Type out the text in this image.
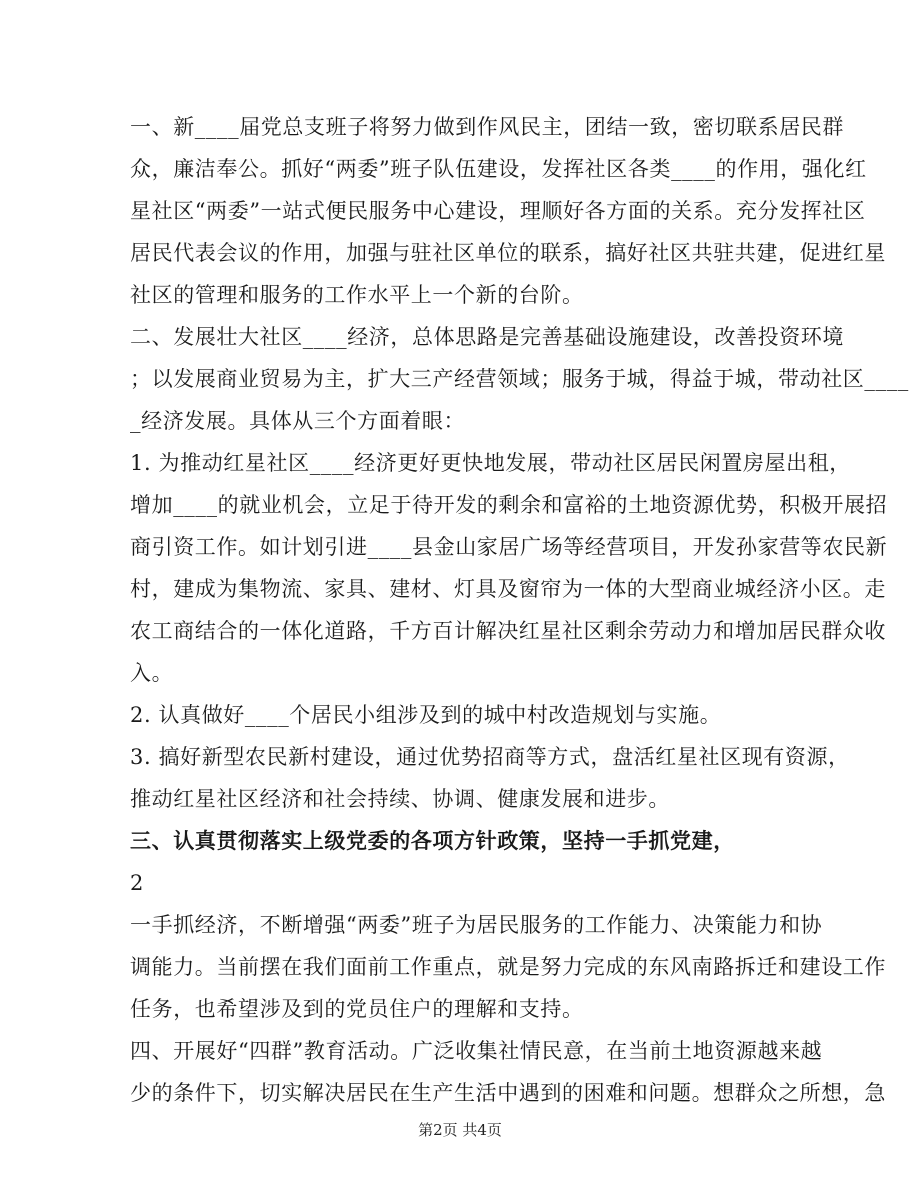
一、新____届党总支班子将努力做到作风民主，团结一致，密切联系居民群
众，廉洁奉公。抓好“两委”班子队伍建设，发挥社区各类____的作用，强化红
星社区“两委”一站式便民服务中心建设，理顺好各方面的关系。充分发挥社区
居民代表会议的作用，加强与驻社区单位的联系，搞好社区共驻共建，促进红星
社区的管理和服务的工作水平上一个新的台阶。
二、发展壮大社区____经济，总体思路是完善基础设施建设，改善投资环境
；以发展商业贸易为主，扩大三产经营领域；服务于城，得益于城，带动社区____
_经济发展。具体从三个方面着眼：
1. 为推动红星社区____经济更好更快地发展，带动社区居民闲置房屋出租，
增加____的就业机会，立足于待开发的剩余和富裕的土地资源优势，积极开展招
商引资工作。如计划引进____县金山家居广场等经营项目，开发孙家营等农民新
村，建成为集物流、家具、建材、灯具及窗帘为一体的大型商业城经济小区。走
农工商结合的一体化道路，千方百计解决红星社区剩余劳动力和增加居民群众收
入。
2. 认真做好____个居民小组涉及到的城中村改造规划与实施。
3. 搞好新型农民新村建设，通过优势招商等方式，盘活红星社区现有资源，
推动红星社区经济和社会持续、协调、健康发展和进步。
三、认真贯彻落实上级党委的各项方针政策，坚持一手抓党建，
2
一手抓经济，不断增强“两委”班子为居民服务的工作能力、决策能力和协
调能力。当前摆在我们面前工作重点，就是努力完成的东风南路拆迁和建设工作
任务，也希望涉及到的党员住户的理解和支持。
四、开展好“四群”教育活动。广泛收集社情民意，在当前土地资源越来越
少的条件下，切实解决居民在生产生活中遇到的困难和问题。想群众之所想，急
第2页 共4页
